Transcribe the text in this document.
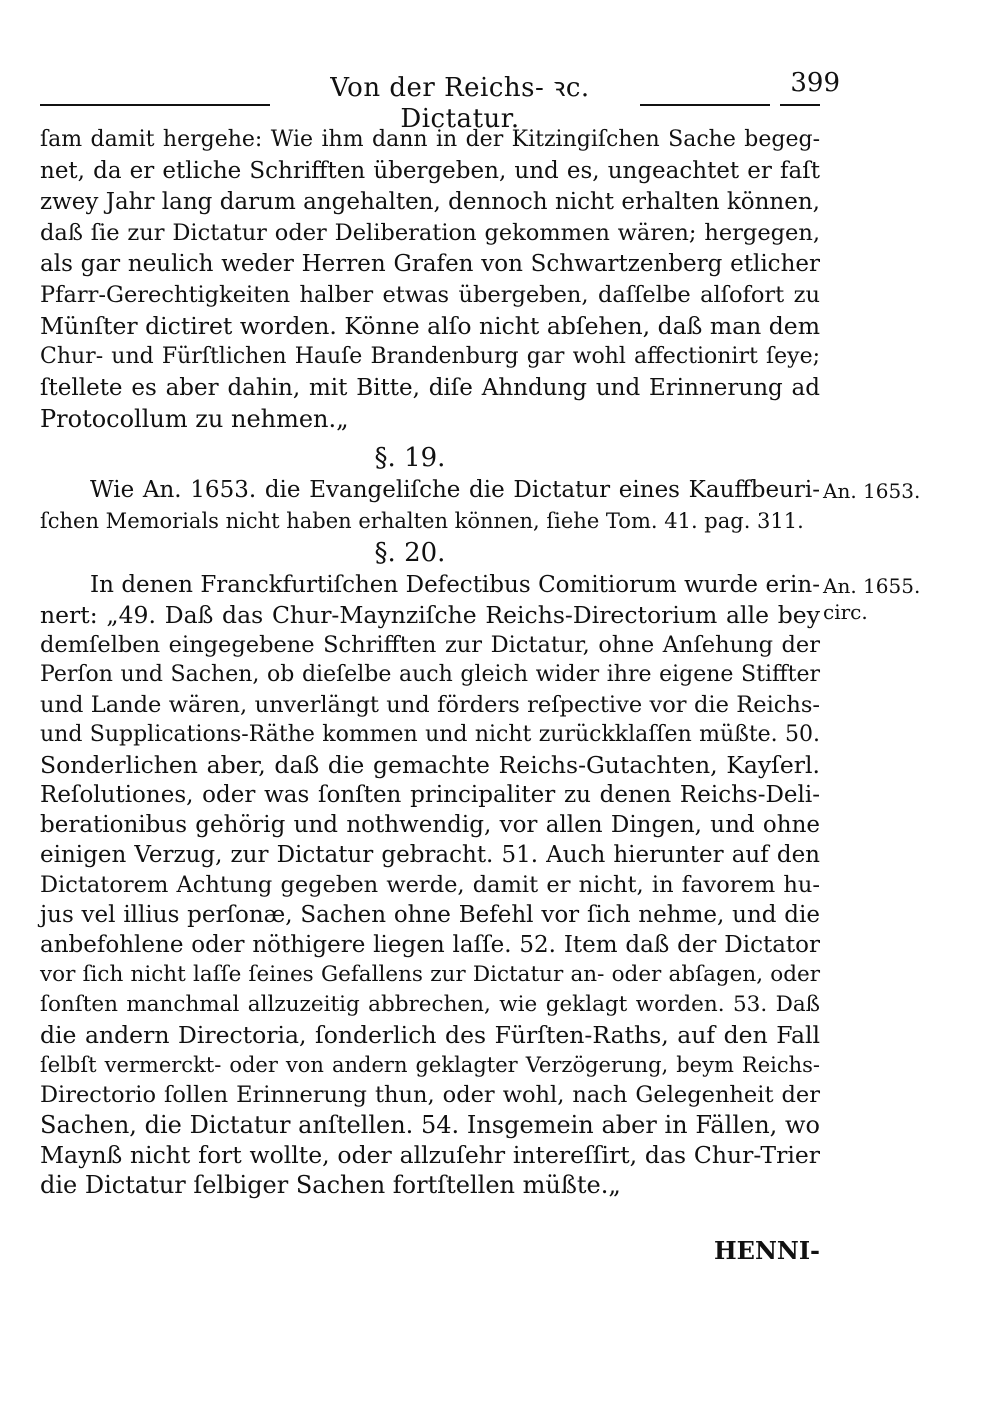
Von der Reichs- ꝛc. Dictatur.
399
ſam damit hergehe: Wie ihm dann in der Kitzingiſchen Sache begeg-
net, da er etliche Schrifften übergeben, und es, ungeachtet er faſt
zwey Jahr lang darum angehalten, dennoch nicht erhalten können,
daß ſie zur Dictatur oder Deliberation gekommen wären; hergegen,
als gar neulich weder Herren Grafen von Schwartzenberg etlicher
Pfarr-Gerechtigkeiten halber etwas übergeben, daſſelbe alſofort zu
Münſter dictiret worden. Könne alſo nicht abſehen, daß man dem
Chur- und Fürſtlichen Hauſe Brandenburg gar wohl affectionirt ſeye;
ſtellete es aber dahin, mit Bitte, diſe Ahndung und Erinnerung ad
Protocollum zu nehmen.„
§. 19.
Wie An. 1653. die Evangeliſche die Dictatur eines Kauffbeuri-
ſchen Memorials nicht haben erhalten können, ſiehe Tom. 41. pag. 311.
An. 1653.
§. 20.
In denen Franckfurtiſchen Defectibus Comitiorum wurde erin-
nert: „49. Daß das Chur-Maynziſche Reichs-Directorium alle bey
demſelben eingegebene Schrifften zur Dictatur, ohne Anſehung der
Perſon und Sachen, ob dieſelbe auch gleich wider ihre eigene Stiffter
und Lande wären, unverlängt und förders reſpective vor die Reichs-
und Supplications-Räthe kommen und nicht zurückklaſſen müßte. 50.
Sonderlichen aber, daß die gemachte Reichs-Gutachten, Kayſerl.
Reſolutiones, oder was ſonſten principaliter zu denen Reichs-Deli-
berationibus gehörig und nothwendig, vor allen Dingen, und ohne
einigen Verzug, zur Dictatur gebracht. 51. Auch hierunter auf den
Dictatorem Achtung gegeben werde, damit er nicht, in favorem hu-
jus vel illius perſonæ, Sachen ohne Befehl vor ſich nehme, und die
anbefohlene oder nöthigere liegen laſſe. 52. Item daß der Dictator
vor ſich nicht laſſe ſeines Gefallens zur Dictatur an- oder abſagen, oder
ſonſten manchmal allzuzeitig abbrechen, wie geklagt worden. 53. Daß
die andern Directoria, ſonderlich des Fürſten-Raths, auf den Fall
ſelbſt vermerckt- oder von andern geklagter Verzögerung, beym Reichs-
Directorio ſollen Erinnerung thun, oder wohl, nach Gelegenheit der
Sachen, die Dictatur anſtellen. 54. Insgemein aber in Fällen, wo
Maynß nicht fort wollte, oder allzuſehr intereſſirt, das Chur-Trier
die Dictatur ſelbiger Sachen fortſtellen müßte.„
An. 1655.
circ.
HENNI-
